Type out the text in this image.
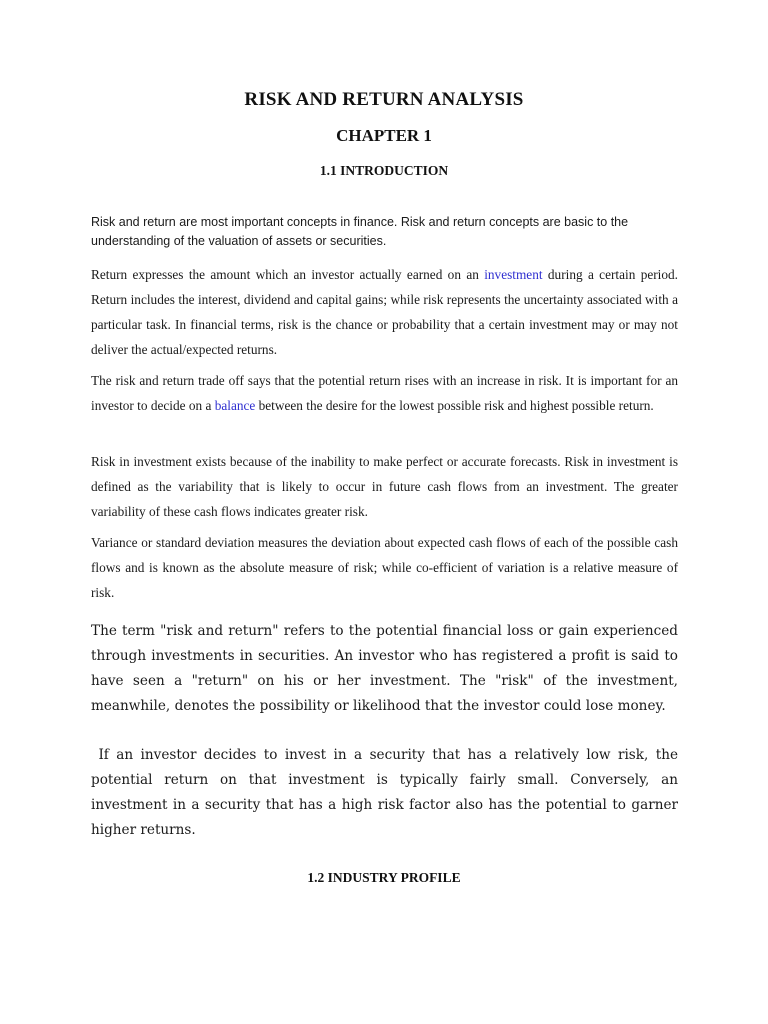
RISK AND RETURN ANALYSIS
CHAPTER 1
1.1 INTRODUCTION

Risk and return are most important concepts in finance. Risk and return concepts are basic to the understanding of the valuation of assets or securities.

Return expresses the amount which an investor actually earned on an investment during a certain period. Return includes the interest, dividend and capital gains; while risk represents the uncertainty associated with a particular task. In financial terms, risk is the chance or probability that a certain investment may or may not deliver the actual/expected returns.

The risk and return trade off says that the potential return rises with an increase in risk. It is important for an investor to decide on a balance between the desire for the lowest possible risk and highest possible return.

Risk in investment exists because of the inability to make perfect or accurate forecasts. Risk in investment is defined as the variability that is likely to occur in future cash flows from an investment. The greater variability of these cash flows indicates greater risk.

Variance or standard deviation measures the deviation about expected cash flows of each of the possible cash flows and is known as the absolute measure of risk; while co-efficient of variation is a relative measure of risk.

The term "risk and return" refers to the potential financial loss or gain experienced through investments in securities. An investor who has registered a profit is said to have seen a "return" on his or her investment. The "risk" of the investment, meanwhile, denotes the possibility or likelihood that the investor could lose money.

If an investor decides to invest in a security that has a relatively low risk, the potential return on that investment is typically fairly small. Conversely, an investment in a security that has a high risk factor also has the potential to garner higher returns.

1.2 INDUSTRY PROFILE
